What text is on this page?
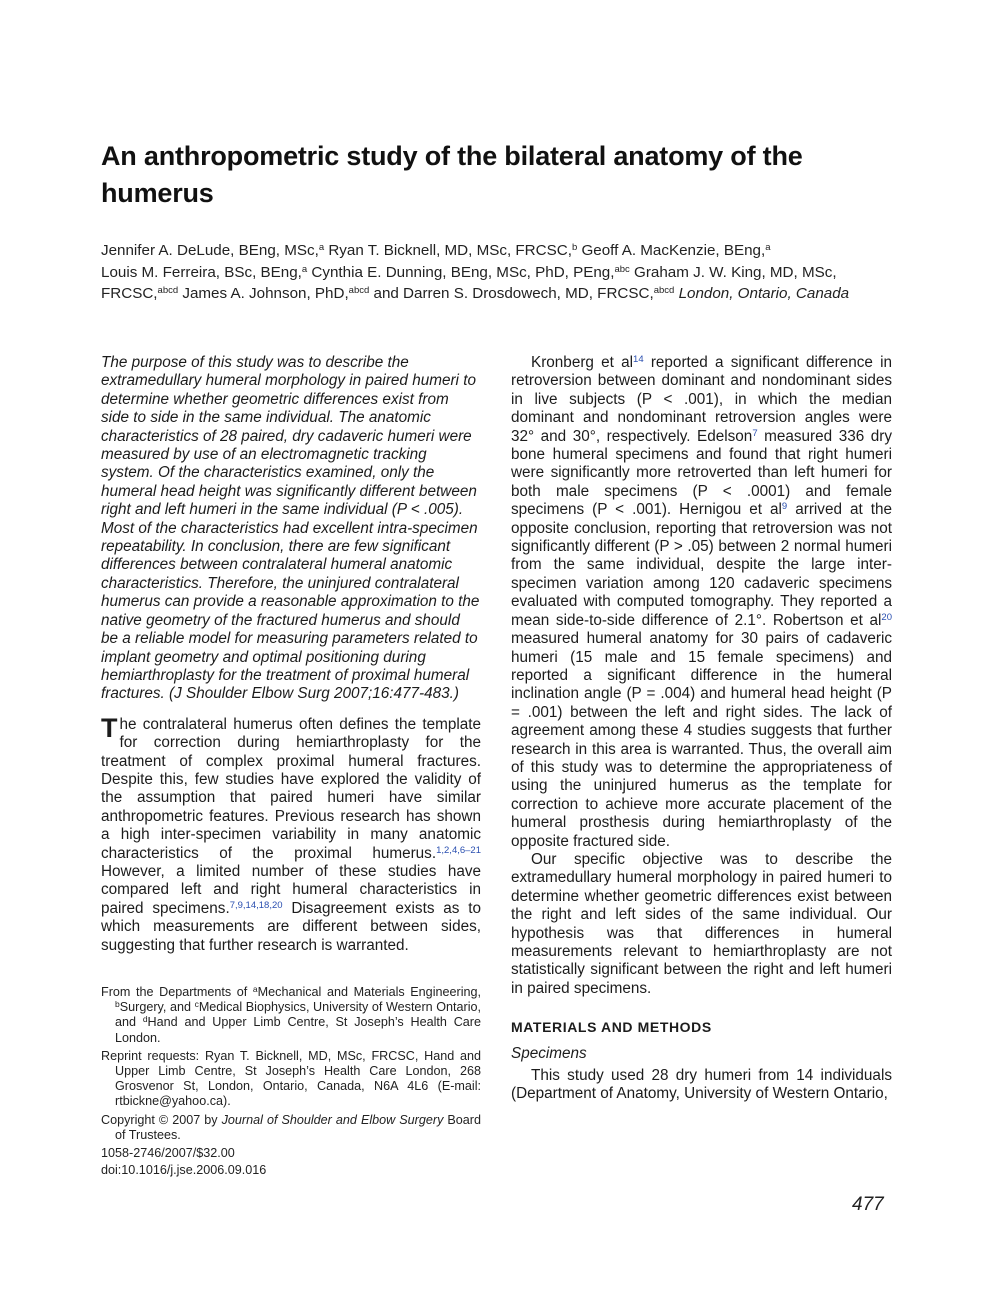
An anthropometric study of the bilateral anatomy of the humerus
Jennifer A. DeLude, BEng, MSc,$^a$ Ryan T. Bicknell, MD, MSc, FRCSC,$^b$ Geoff A. MacKenzie, BEng,$^a$
Louis M. Ferreira, BSc, BEng,$^a$ Cynthia E. Dunning, BEng, MSc, PhD, PEng,$^{abc}$ Graham J. W. King, MD, MSc,
FRCSC,$^{abcd}$ James A. Johnson, PhD,$^{abcd}$ and Darren S. Drosdowech, MD, FRCSC,$^{abcd}$ London, Ontario, Canada

The purpose of this study was to describe the extramedullary humeral morphology in paired humeri to determine whether geometric differences exist from side to side in the same individual. The anatomic characteristics of 28 paired, dry cadaveric humeri were measured by use of an electromagnetic tracking system. Of the characteristics examined, only the humeral head height was significantly different between right and left humeri in the same individual (P < .005). Most of the characteristics had excellent intra-specimen repeatability. In conclusion, there are few significant differences between contralateral humeral anatomic characteristics. Therefore, the uninjured contralateral humerus can provide a reasonable approximation to the native geometry of the fractured humerus and should be a reliable model for measuring parameters related to implant geometry and optimal positioning during hemiarthroplasty for the treatment of proximal humeral fractures. (J Shoulder Elbow Surg 2007;16:477-483.)

The contralateral humerus often defines the template for correction during hemiarthroplasty for the treatment of complex proximal humeral fractures. Despite this, few studies have explored the validity of the assumption that paired humeri have similar anthropometric features. Previous research has shown a high inter-specimen variability in many anatomic characteristics of the proximal humerus.$^{1,2,4,6-21}$ However, a limited number of these studies have compared left and right humeral characteristics in paired specimens.$^{7,9,14,18,20}$ Disagreement exists as to which measurements are different between sides, suggesting that further research is warranted.

From the Departments of $^a$Mechanical and Materials Engineering, $^b$Surgery, and $^c$Medical Biophysics, University of Western Ontario, and $^d$Hand and Upper Limb Centre, St Joseph’s Health Care London.

Reprint requests: Ryan T. Bicknell, MD, MSc, FRCSC, Hand and Upper Limb Centre, St Joseph’s Health Care London, 268 Grosvenor St, London, Ontario, Canada, N6A 4L6 (E-mail: rtbickne@yahoo.ca).

Copyright © 2007 by Journal of Shoulder and Elbow Surgery Board of Trustees.

1058-2746/2007/$32.00

doi:10.1016/j.jse.2006.09.016

Kronberg et $al^{14}$ reported a significant difference in retroversion between dominant and nondominant sides in live subjects (P < .001), in which the median dominant and nondominant retroversion angles were 32° and 30°, respectively. Edelson$^7$ measured 336 dry bone humeral specimens and found that right humeri were significantly more retroverted than left humeri for both male specimens (P < .0001) and female specimens (P < .001). Hernigou et $al^9$ arrived at the opposite conclusion, reporting that retroversion was not significantly different (P > .05) between 2 normal humeri from the same individual, despite the large inter-specimen variation among 120 cadaveric specimens evaluated with computed tomography. They reported a mean side-to-side difference of 2.1°. Robertson et $al^{20}$ measured humeral anatomy for 30 pairs of cadaveric humeri (15 male and 15 female specimens) and reported a significant difference in the humeral inclination angle (P = .004) and humeral head height (P = .001) between the left and right sides. The lack of agreement among these 4 studies suggests that further research in this area is warranted. Thus, the overall aim of this study was to determine the appropriateness of using the uninjured humerus as the template for correction to achieve more accurate placement of the humeral prosthesis during hemiarthroplasty of the opposite fractured side.

Our specific objective was to describe the extramedullary humeral morphology in paired humeri to determine whether geometric differences exist between the right and left sides of the same individual. Our hypothesis was that differences in humeral measurements relevant to hemiarthroplasty are not statistically significant between the right and left humeri in paired specimens.

MATERIALS AND METHODS
Specimens

This study used 28 dry humeri from 14 individuals (Department of Anatomy, University of Western Ontario,

477
